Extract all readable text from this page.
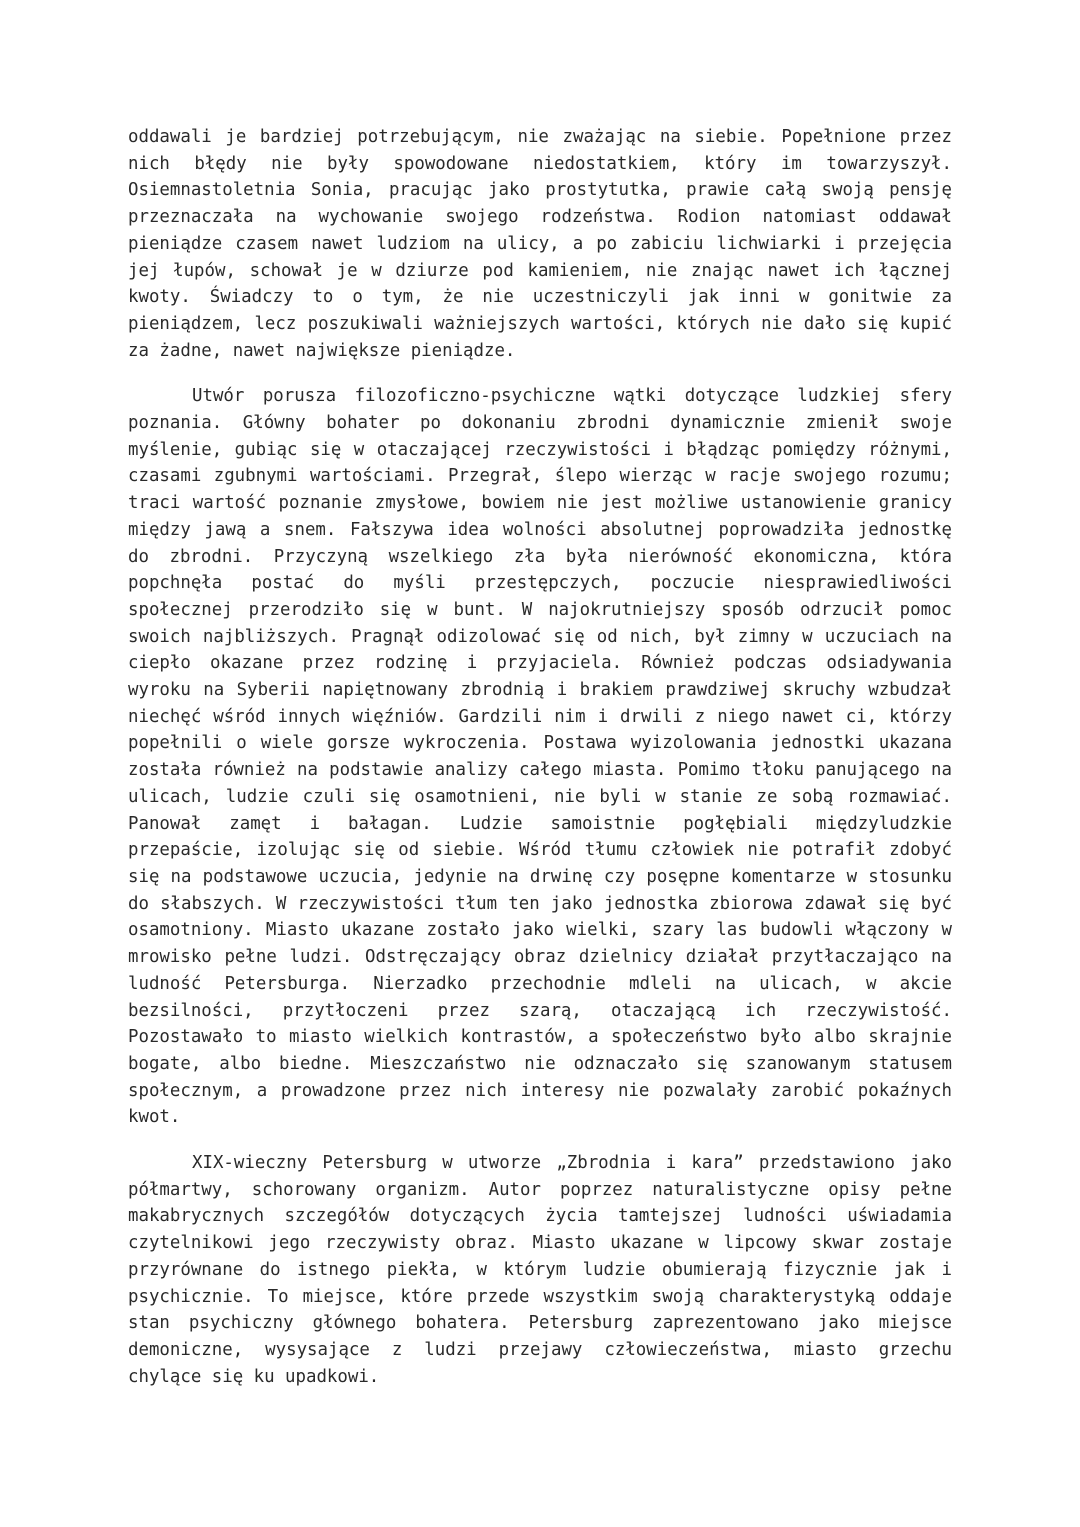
oddawali je bardziej potrzebującym, nie zważając na siebie. Popełnione przez nich błędy nie były spowodowane niedostatkiem, który im towarzyszył. Osiemnastoletnia Sonia, pracując jako prostytutka, prawie całą swoją pensję przeznaczała na wychowanie swojego rodzeństwa. Rodion natomiast oddawał pieniądze czasem nawet ludziom na ulicy, a po zabiciu lichwiarki i przejęcia jej łupów, schował je w dziurze pod kamieniem, nie znając nawet ich łącznej kwoty. Świadczy to o tym, że nie uczestniczyli jak inni w gonitwie za pieniądzem, lecz poszukiwali ważniejszych wartości, których nie dało się kupić za żadne, nawet największe pieniądze.

Utwór porusza filozoficzno-psychiczne wątki dotyczące ludzkiej sfery poznania. Główny bohater po dokonaniu zbrodni dynamicznie zmienił swoje myślenie, gubiąc się w otaczającej rzeczywistości i błądząc pomiędzy różnymi, czasami zgubnymi wartościami. Przegrał, ślepo wierząc w racje swojego rozumu; traci wartość poznanie zmysłowe, bowiem nie jest możliwe ustanowienie granicy między jawą a snem. Fałszywa idea wolności absolutnej poprowadziła jednostkę do zbrodni. Przyczyną wszelkiego zła była nierówność ekonomiczna, która popchnęła postać do myśli przestępczych, poczucie niesprawiedliwości społecznej przerodziło się w bunt. W najokrutniejszy sposób odrzucił pomoc swoich najbliższych. Pragnął odizolować się od nich, był zimny w uczuciach na ciepło okazane przez rodzinę i przyjaciela. Również podczas odsiadywania wyroku na Syberii napiętnowany zbrodnią i brakiem prawdziwej skruchy wzbudzał niechęć wśród innych więźniów. Gardzili nim i drwili z niego nawet ci, którzy popełnili o wiele gorsze wykroczenia. Postawa wyizolowania jednostki ukazana została również na podstawie analizy całego miasta. Pomimo tłoku panującego na ulicach, ludzie czuli się osamotnieni, nie byli w stanie ze sobą rozmawiać. Panował zamęt i bałagan. Ludzie samoistnie pogłębiali międzyludzkie przepaście, izolując się od siebie. Wśród tłumu człowiek nie potrafił zdobyć się na podstawowe uczucia, jedynie na drwinę czy posępne komentarze w stosunku do słabszych. W rzeczywistości tłum ten jako jednostka zbiorowa zdawał się być osamotniony. Miasto ukazane zostało jako wielki, szary las budowli włączony w mrowisko pełne ludzi. Odstręczający obraz dzielnicy działał przytłaczająco na ludność Petersburga. Nierzadko przechodnie mdleli na ulicach, w akcie bezsilności, przytłoczeni przez szarą, otaczającą ich rzeczywistość. Pozostawało to miasto wielkich kontrastów, a społeczeństwo było albo skrajnie bogate, albo biedne. Mieszczaństwo nie odznaczało się szanowanym statusem społecznym, a prowadzone przez nich interesy nie pozwalały zarobić pokaźnych kwot.

XIX-wieczny Petersburg w utworze „Zbrodnia i kara” przedstawiono jako półmartwy, schorowany organizm. Autor poprzez naturalistyczne opisy pełne makabrycznych szczegółów dotyczących życia tamtejszej ludności uświadamia czytelnikowi jego rzeczywisty obraz. Miasto ukazane w lipcowy skwar zostaje przyrównane do istnego piekła, w którym ludzie obumierają fizycznie jak i psychicznie. To miejsce, które przede wszystkim swoją charakterystyką oddaje stan psychiczny głównego bohatera. Petersburg zaprezentowano jako miejsce demoniczne, wysysające z ludzi przejawy człowieczeństwa, miasto grzechu chylące się ku upadkowi.
